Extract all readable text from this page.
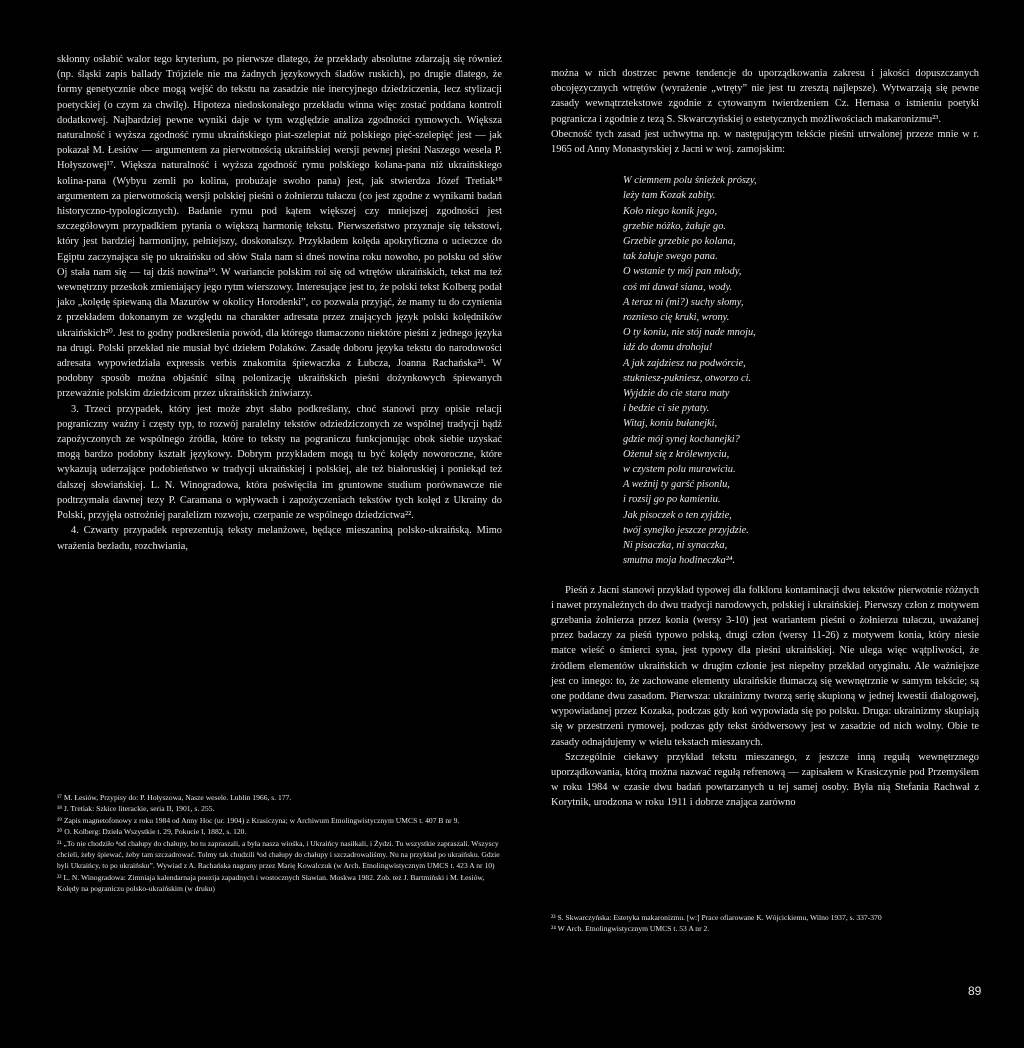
skłonny osłabić walor tego kryterium, po pierwsze dlatego, że przekłady absolutne zdarzają się również (np. śląski zapis ballady Trójziele nie ma żadnych językowych śladów ruskich), po drugie dlatego, że formy genetycznie obce mogą wejść do tekstu na zasadzie nie inercyjnego dziedziczenia, lecz stylizacji poetyckiej (o czym za chwilę). Hipoteza niedoskonałego przekładu winna więc zostać poddana kontroli dodatkowej. Najbardziej pewne wyniki daje w tym względzie analiza zgodności rymowych. Większa naturalność i wyższa zgodność rymu ukraińskiego piat-szelepiat niż polskiego pięć-szelepięć jest — jak pokazał M. Łesiów — argumentem za pierwotnością ukraińskiej wersji pewnej pieśni Naszego wesela P. Hołyszowej¹⁷. Większa naturalność i wyższa zgodność rymu polskiego kolana-pana niż ukraińskiego kolina-pana (Wybyu zemli po kolina, probużaje swoho pana) jest, jak stwierdza Józef Tretiak¹⁸ argumentem za pierwotnością wersji polskiej pieśni o żołnierzu tułaczu (co jest zgodne z wynikami badań historyczno-typologicznych). Badanie rymu pod kątem większej czy mniejszej zgodności jest szczegółowym przypadkiem pytania o większą harmonię tekstu. Pierwszeństwo przyznaje się tekstowi, który jest bardziej harmonijny, pełniejszy, doskonalszy. Przykładem kolęda apokryficzna o ucieczce do Egiptu zaczynająca się po ukraińsku od słów Stala nam si dneś nowina roku nowoho, po polsku od słów Oj stała nam się — taj dziś nowina¹⁹. W wariancie polskim roi się od wtrętów ukraińskich, tekst ma też wewnętrzny przeskok zmieniający jego rytm wierszowy. Interesujące jest to, że polski tekst Kolberg podał jako „kolędę śpiewaną dla Mazurów w okolicy Horodenki”, co pozwala przyjąć, że mamy tu do czynienia z przekładem dokonanym ze względu na charakter adresata przez znających język polski kolędników ukraińskich²⁰. Jest to godny podkreślenia powód, dla którego tłumaczono niektóre pieśni z jednego języka na drugi. Polski przekład nie musiał być dziełem Polaków. Zasadę doboru języka tekstu do narodowości adresata wypowiedziała expressis verbis znakomita śpiewaczka z Łubcza, Joanna Rachańska²¹. W podobny sposób można objaśnić silną polonizację ukraińskich pieśni dożynkowych śpiewanych przeważnie polskim dziedzicom przez ukraińskich żniwiarzy.

3. Trzeci przypadek, który jest może zbyt słabo podkreślany, choć stanowi przy opisie relacji pograniczny ważny i częsty typ, to rozwój paralelny tekstów odziedziczonych ze wspólnej tradycji bądź zapożyczonych ze wspólnego źródła, które to teksty na pograniczu funkcjonując obok siebie uzyskać mogą bardzo podobny kształt językowy. Dobrym przykładem mogą tu być kolędy noworoczne, które wykazują uderzające podobieństwo w tradycji ukraińskiej i polskiej, ale też białoruskiej i poniekąd też dalszej słowiańskiej. L. N. Winogradowa, która poświęciła im gruntowne studium porównawcze nie podtrzymała dawnej tezy P. Caramana o wpływach i zapożyczeniach tekstów tych kolęd z Ukrainy do Polski, przyjęła ostrożniej paralelizm rozwoju, czerpanie ze wspólnego dziedzictwa²².

4. Czwarty przypadek reprezentują teksty melanżowe, będące mieszaniną polsko-ukraińską. Mimo wrażenia bezładu, rozchwiania,

¹⁷ M. Łesiów, Przypisy do: P. Hołyszowa, Nasze wesele. Lublin 1966, s. 177.

¹⁸ J. Tretiak: Szkice literackie, seria II, 1901, s. 255.

¹⁹ Zapis magnetofonowy z roku 1984 od Anny Hoc (ur. 1904) z Krasiczyna; w Archiwum Etnolingwistycznym UMCS t. 407 B nr 9.

²⁰ O. Kolberg: Dzieła Wszystkie t. 29, Pokucie I, 1882, s. 120.

²¹ „To nie chodziło ⁿod chałupy do chałupy, bo tu zapraszali, a była nasza wiośka, i Ukraińcy nasiłkali, i Żydzi. Tu wszystkie zapraszali. Wszyscy chcieli, żeby śpiewać, żeby tam szczadrować. Tolmy tak chudzili ⁿod chałupy do chałupy i szczadrowaliśmy. Nu na przykład po ukraińsku. Gdzie byli Ukraińcy, to po ukraińsku”. Wywiad z A. Rachańska nagrany przez Marię Kowalczuk (w Arch. Etnolingwistycznym UMCS t. 423 A nr 10)

²² L. N. Winogradowa: Zimniaja kalendarnaja poezija zapadnych i wostocznych Sławian. Moskwa 1982. Zob. też J. Bartmiński i M. Łesiów, Kolędy na pograniczu polsko-ukraińskim (w druku)

można w nich dostrzec pewne tendencje do uporządkowania zakresu i jakości dopuszczanych obcojęzycznych wtrętów (wyrażenie „wtręty” nie jest tu zresztą najlepsze). Wytwarzają się pewne zasady wewnątrztekstowe zgodnie z cytowanym twierdzeniem Cz. Hernasa o istnieniu poetyki pogranicza i zgodnie z tezą S. Skwarczyńskiej o estetycznych możliwościach makaronizmu²³.

Obecność tych zasad jest uchwytna np. w następującym tekście pieśni utrwalonej przeze mnie w r. 1965 od Anny Monastyrskiej z Jacni w woj. zamojskim:

W ciemnem polu śnieżek prószy,
leży tam Kozak zabity.
Koło niego konik jego,
grzebie nóżko, żałuje go.
Grzebie grzebie po kolana,
tak żałuje swego pana.
O wstanie ty mój pan młody,
coś mi dawał siana, wody.
A teraz ni (mi?) suchy słomy,
roznieso cię kruki, wrony.
O ty koniu, nie stój nade mnoju,
idź do domu drohoju!
A jak zajdziesz na podwórcie,
stukniesz-pukniesz, otworzo ci.
Wyjdzie do cie stara maty
i bedzie ci sie pytaty.
Witaj, koniu bułanejki,
gdzie mój synej kochanejki?
Ożenuł się z królewnyciu,
w czystem polu murawiciu.
A weźnij ty garść pisonlu,
i rozsij go po kamieniu.
Jak pisoczek o ten zyjdzie,
twój synejko jeszcze przyjdzie.
Ni pisaczka, ni synaczka,
smutna moja hodineczka²⁴.

Pieśń z Jacni stanowi przykład typowej dla folkloru kontaminacji dwu tekstów pierwotnie różnych i nawet przynależnych do dwu tradycji narodowych, polskiej i ukraińskiej. Pierwszy człon z motywem grzebania żołnierza przez konia (wersy 3-10) jest wariantem pieśni o żołnierzu tułaczu, uważanej przez badaczy za pieśń typowo polską, drugi człon (wersy 11-26) z motywem konia, który niesie matce wieść o śmierci syna, jest typowy dla pieśni ukraińskiej. Nie ulega więc wątpliwości, że źródłem elementów ukraińskich w drugim członie jest niepełny przekład oryginału. Ale ważniejsze jest co innego: to, że zachowane elementy ukraińskie tłumaczą się wewnętrznie w samym tekście; są one poddane dwu zasadom. Pierwsza: ukrainizmy tworzą serię skupioną w jednej kwestii dialogowej, wypowiadanej przez Kozaka, podczas gdy koń wypowiada się po polsku. Druga: ukrainizmy skupiają się w przestrzeni rymowej, podczas gdy tekst śródwersowy jest w zasadzie od nich wolny. Obie te zasady odnajdujemy w wielu tekstach mieszanych.

Szczególnie ciekawy przykład tekstu mieszanego, z jeszcze inną regułą wewnętrznego uporządkowania, którą można nazwać regułą refrenową — zapisałem w Krasiczynie pod Przemyślem w roku 1984 w czasie dwu badań powtarzanych u tej samej osoby. Była nią Stefania Rachwał z Korytnik, urodzona w roku 1911 i dobrze znająca zarówno

²³ S. Skwarczyńska: Estetyka makaronizmu. [w:] Prace ofiarowane K. Wójcickiemu, Wilno 1937, s. 337-370

²⁴ W Arch. Etnolingwistycznym UMCS t. 53 A nr 2.

89
